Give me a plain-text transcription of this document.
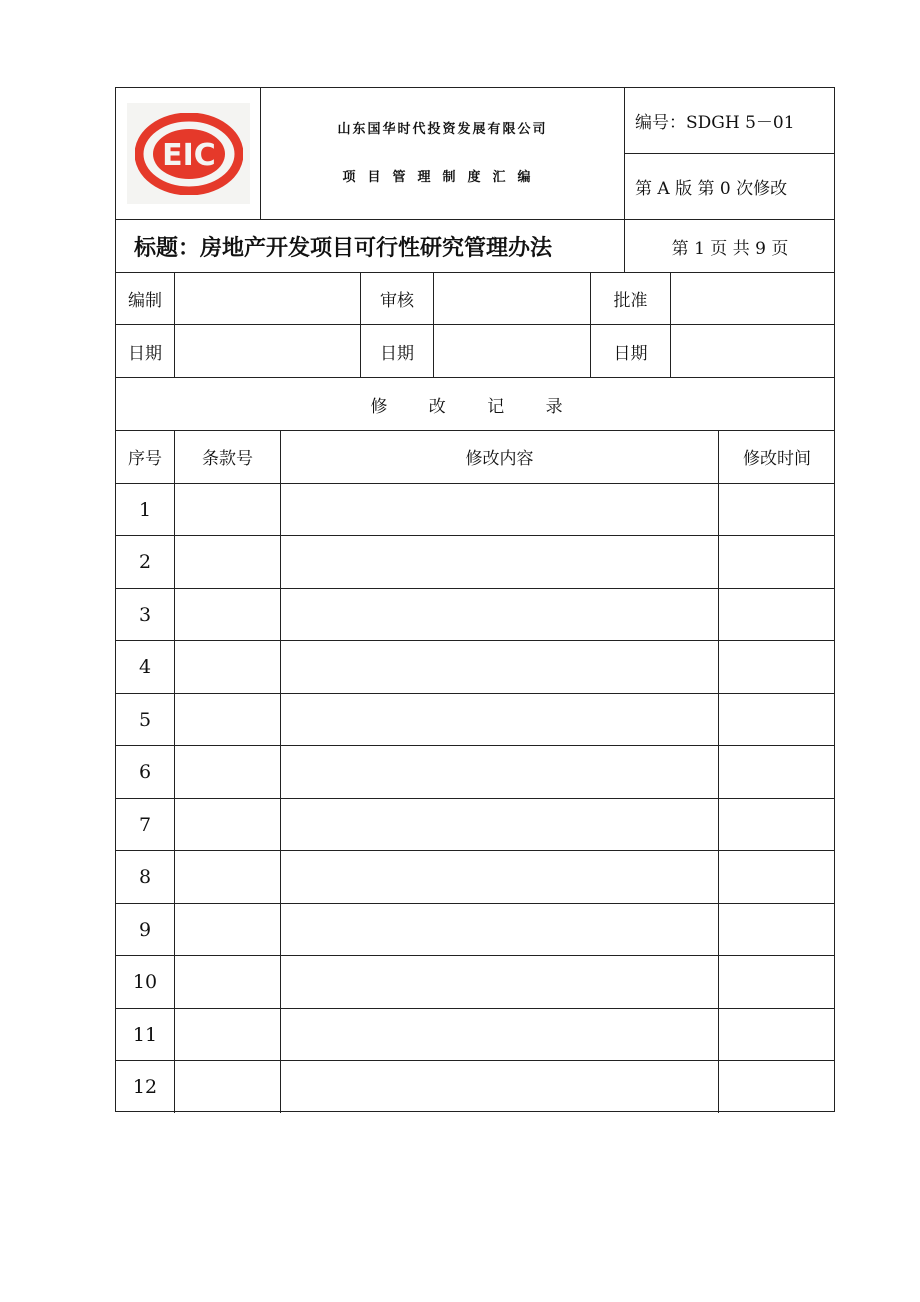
EIC
山东国华时代投资发展有限公司
项目管理制度汇编
编号：SDGH 5－01
第 A 版 第 0 次修改
标题：房地产开发项目可行性研究管理办法	第 1 页 共 9 页
编制	审核	批准
日期	日期	日期
修 改 记 录
序号	条款号	修改内容	修改时间
1
2
3
4
5
6
7
8
9
10
11
12
